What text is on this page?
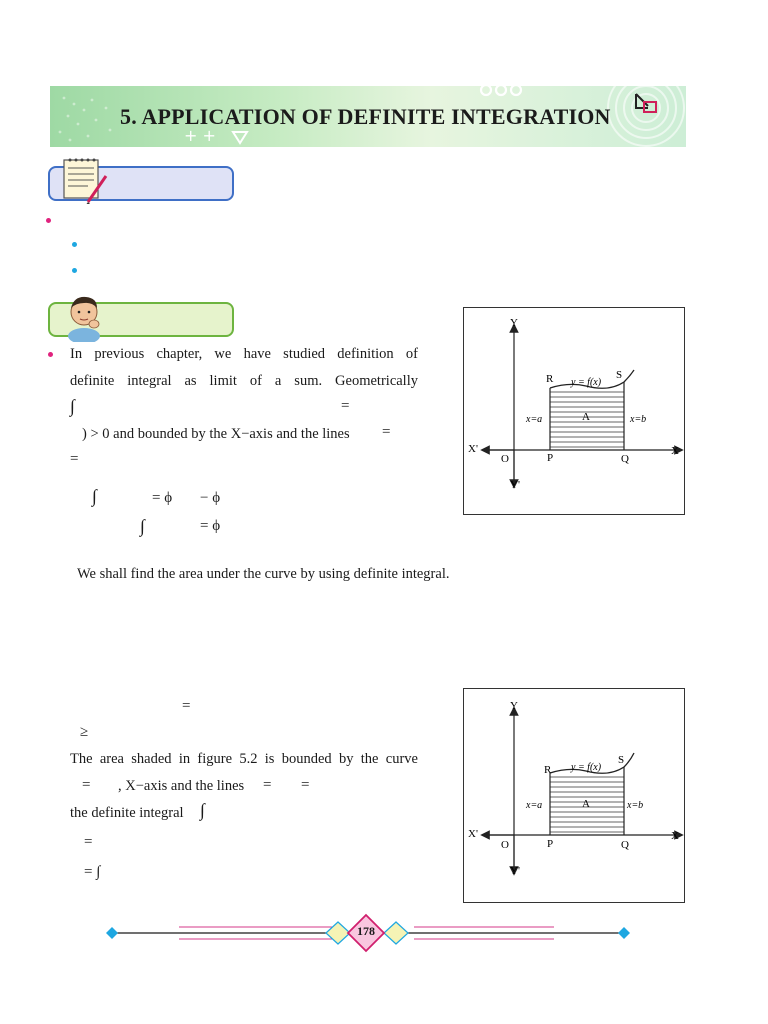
5. APPLICATION OF DEFINITE INTEGRATION
+ +
In previous chapter, we have studied definition of
definite integral as limit of a sum. Geometrically
∫	=
) > 0 and bounded by the X−axis and the lines =
=
∫	= ϕ − ϕ
∫	= ϕ
We shall find the area under the curve by using definite integral.
Y
Y'
X
X'
O	P	Q
R	S
A
y = f(x)
x=a	x=b
=
≥
The area shaded in figure 5.2 is bounded by the curve
= , X−axis and the lines = =
the definite integral ∫
=
= ∫
Y
Y'
X
X'
O	P	Q
R
S
A
y = f(x)
x=a	x=b
178
